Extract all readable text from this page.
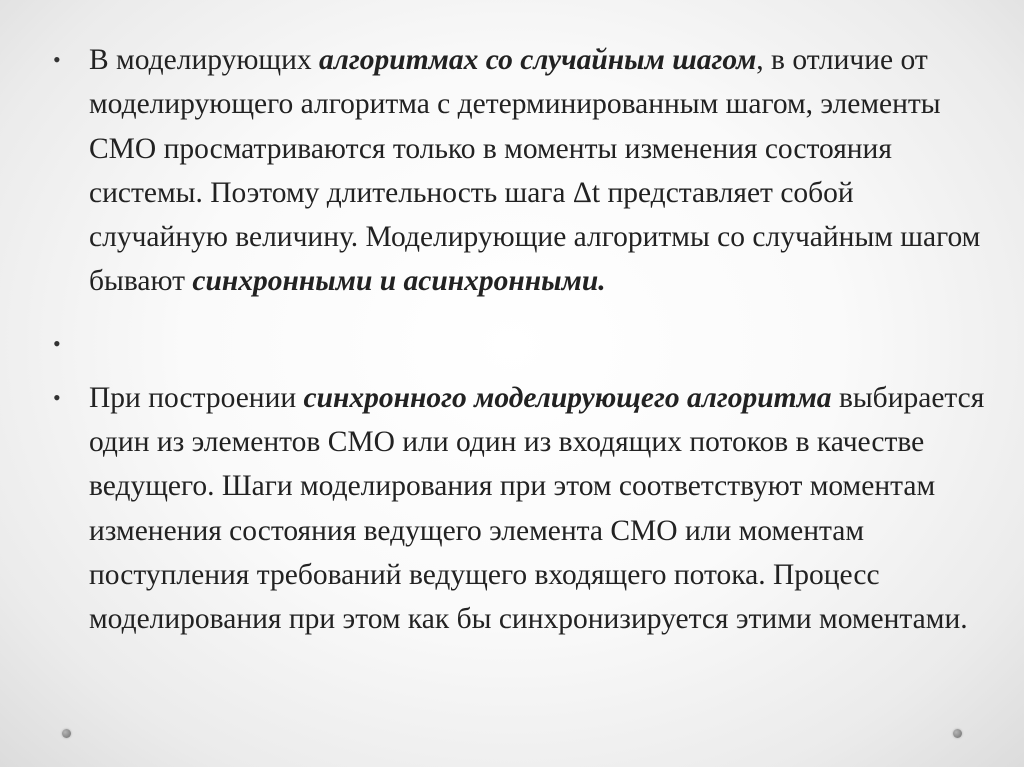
• В моделирующих алгоритмах со случайным шагом, в отличие от моделирующего алгоритма с детерминированным шагом, элементы СМО просматриваются только в моменты изменения состояния системы. Поэтому длительность шага Δt представляет собой случайную величину. Моделирующие алгоритмы со случайным шагом бывают синхронными и асинхронными.
•
• При построении синхронного моделирующего алгоритма выбирается один из элементов СМО или один из входящих потоков в качестве ведущего. Шаги моделирования при этом соответствуют моментам изменения состояния ведущего элемента СМО или моментам поступления требований ведущего входящего потока. Процесс моделирования при этом как бы синхронизируется этими моментами.
